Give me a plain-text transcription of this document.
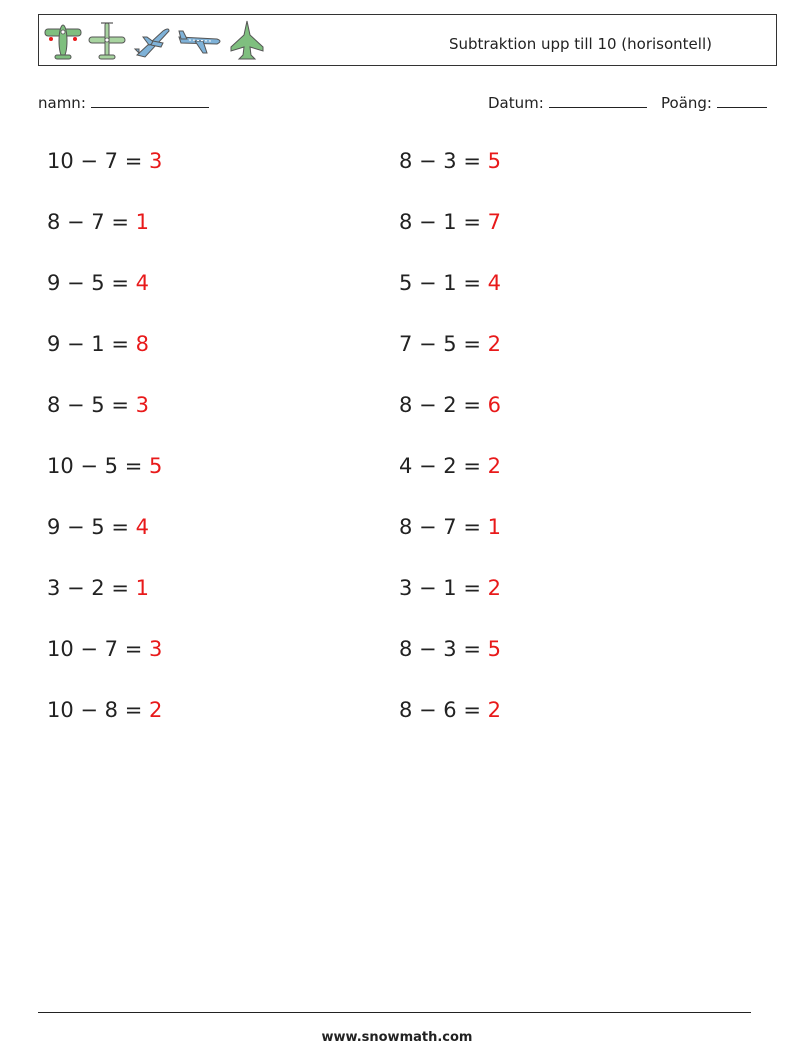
Subtraktion upp till 10 (horisontell)
namn:	Datum:	Poäng:
10 − 7 = 3
8 − 7 = 1
9 − 5 = 4
9 − 1 = 8
8 − 5 = 3
10 − 5 = 5
9 − 5 = 4
3 − 2 = 1
10 − 7 = 3
10 − 8 = 2
8 − 3 = 5
8 − 1 = 7
5 − 1 = 4
7 − 5 = 2
8 − 2 = 6
4 − 2 = 2
8 − 7 = 1
3 − 1 = 2
8 − 3 = 5
8 − 6 = 2
www.snowmath.com
